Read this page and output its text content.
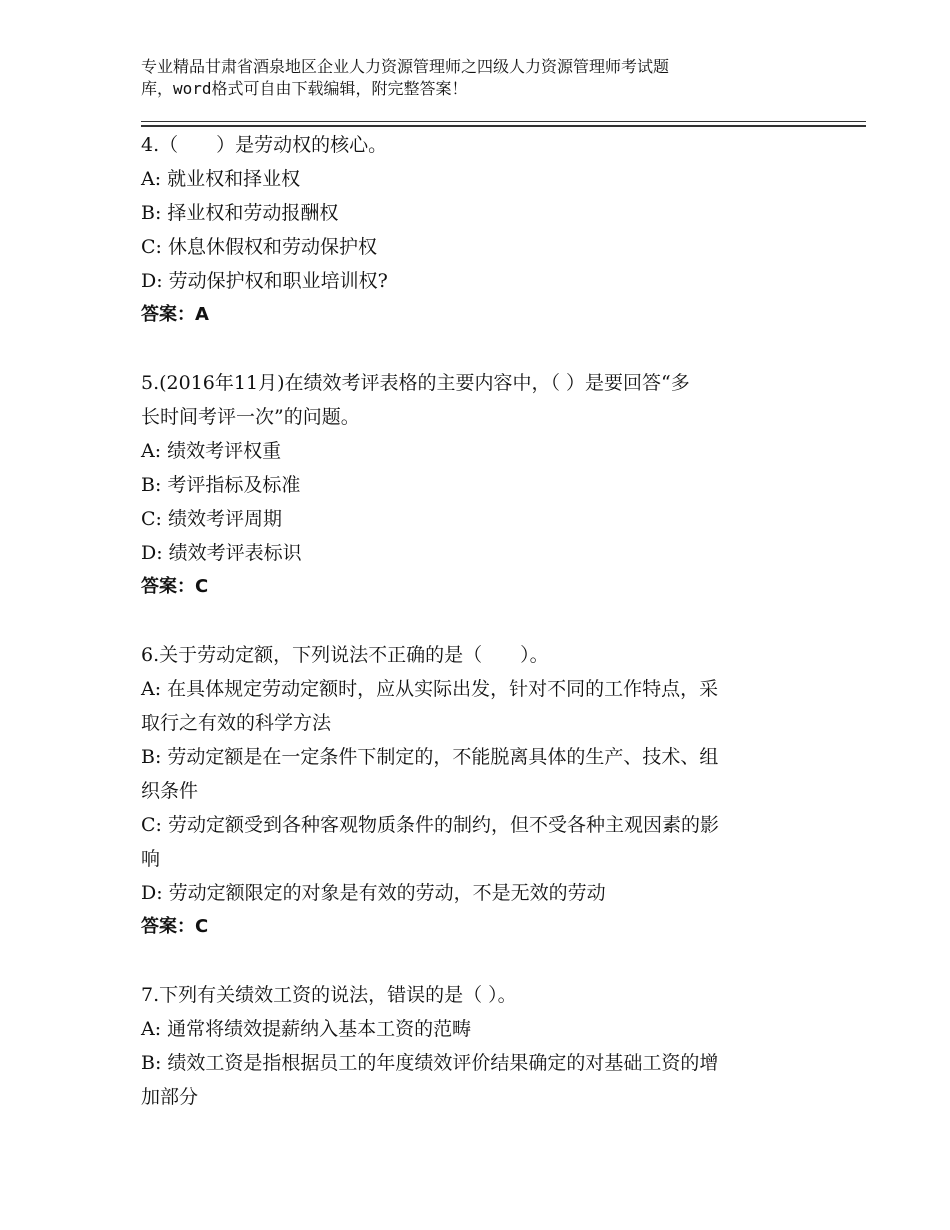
专业精品甘肃省酒泉地区企业人力资源管理师之四级人力资源管理师考试题
库，word格式可自由下载编辑，附完整答案！
4.（　　）是劳动权的核心。
A: 就业权和择业权
B: 择业权和劳动报酬权
C: 休息休假权和劳动保护权
D: 劳动保护权和职业培训权?
答案：A
5.(2016年11月)在绩效考评表格的主要内容中，（ ）是要回答“多
长时间考评一次”的问题。
A: 绩效考评权重
B: 考评指标及标准
C: 绩效考评周期
D: 绩效考评表标识
答案：C
6.关于劳动定额，下列说法不正确的是（　　）。
A: 在具体规定劳动定额时，应从实际出发，针对不同的工作特点，采
取行之有效的科学方法
B: 劳动定额是在一定条件下制定的，不能脱离具体的生产、技术、组
织条件
C: 劳动定额受到各种客观物质条件的制约，但不受各种主观因素的影
响
D: 劳动定额限定的对象是有效的劳动，不是无效的劳动
答案：C
7.下列有关绩效工资的说法，错误的是（ ）。
A: 通常将绩效提薪纳入基本工资的范畴
B: 绩效工资是指根据员工的年度绩效评价结果确定的对基础工资的增
加部分
